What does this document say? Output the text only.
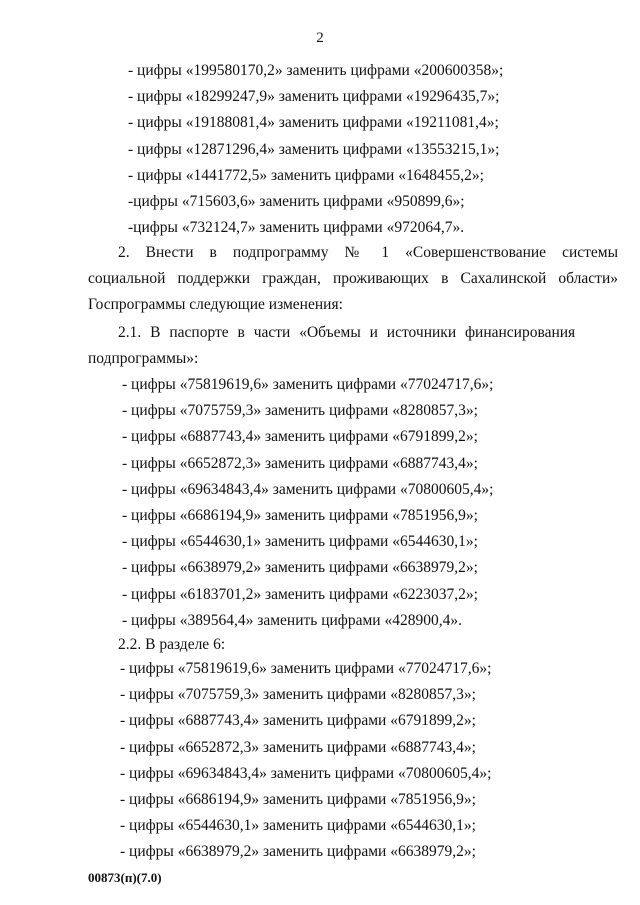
2
- цифры «199580170,2» заменить цифрами «200600358»;
- цифры «18299247,9» заменить цифрами «19296435,7»;
- цифры «19188081,4» заменить цифрами «19211081,4»;
- цифры «12871296,4» заменить цифрами «13553215,1»;
- цифры «1441772,5» заменить цифрами «1648455,2»;
-цифры «715603,6» заменить цифрами «950899,6»;
-цифры «732124,7» заменить цифрами «972064,7».
2. Внести в подпрограмму № 1 «Совершенствование системы
социальной поддержки граждан, проживающих в Сахалинской области»
Госпрограммы следующие изменения:
2.1. В паспорте в части «Объемы и источники финансирования
подпрограммы»:
- цифры «75819619,6» заменить цифрами «77024717,6»;
- цифры «7075759,3» заменить цифрами «8280857,3»;
- цифры «6887743,4» заменить цифрами «6791899,2»;
- цифры «6652872,3» заменить цифрами «6887743,4»;
- цифры «69634843,4» заменить цифрами «70800605,4»;
- цифры «6686194,9» заменить цифрами «7851956,9»;
- цифры «6544630,1» заменить цифрами «6544630,1»;
- цифры «6638979,2» заменить цифрами «6638979,2»;
- цифры «6183701,2» заменить цифрами «6223037,2»;
- цифры «389564,4» заменить цифрами «428900,4».
2.2. В разделе 6:
- цифры «75819619,6» заменить цифрами «77024717,6»;
- цифры «7075759,3» заменить цифрами «8280857,3»;
- цифры «6887743,4» заменить цифрами «6791899,2»;
- цифры «6652872,3» заменить цифрами «6887743,4»;
- цифры «69634843,4» заменить цифрами «70800605,4»;
- цифры «6686194,9» заменить цифрами «7851956,9»;
- цифры «6544630,1» заменить цифрами «6544630,1»;
- цифры «6638979,2» заменить цифрами «6638979,2»;
00873(п)(7.0)
